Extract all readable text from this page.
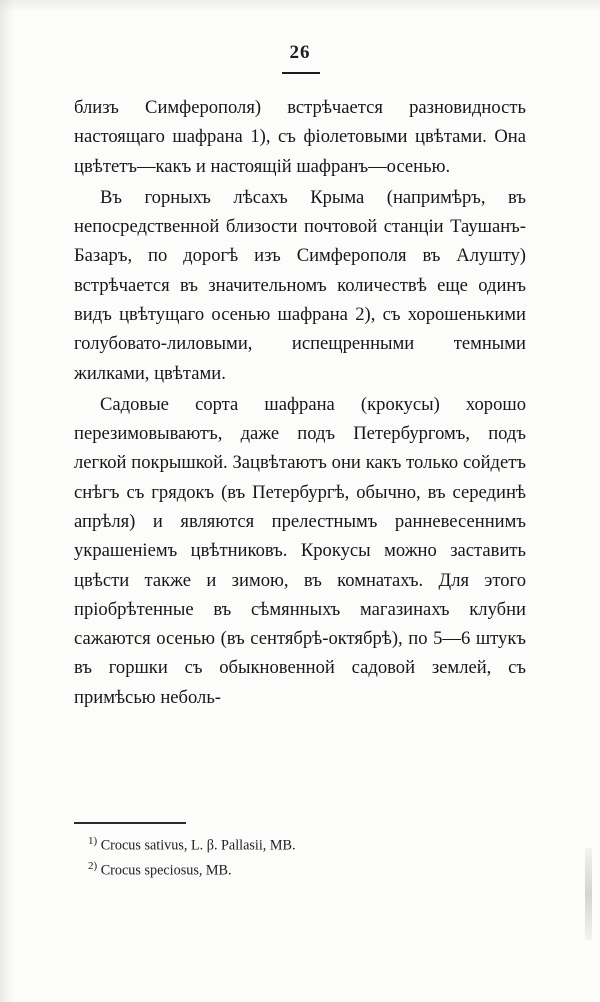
26

близъ Симферополя) встрѣчается разновидность настоящаго шафрана 1), съ фіолетовыми цвѣтами. Она цвѣтетъ—какъ и настоящій шафранъ—осенью.

Въ горныхъ лѣсахъ Крыма (напримѣръ, въ непосредственной близости почтовой станціи Таушанъ-Базаръ, по дорогѣ изъ Симферополя въ Алушту) встрѣчается въ значительномъ количествѣ еще одинъ видъ цвѣтущаго осенью шафрана 2), съ хорошенькими голубовато-лиловыми, испещренными темными жилками, цвѣтами.

Садовые сорта шафрана (крокусы) хорошо перезимовываютъ, даже подъ Петербургомъ, подъ легкой покрышкой. Зацвѣтаютъ они какъ только сойдетъ снѣгъ съ грядокъ (въ Петербургѣ, обычно, въ серединѣ апрѣля) и являются прелестнымъ ранневесеннимъ украшеніемъ цвѣтниковъ. Крокусы можно заставить цвѣсти также и зимою, въ комнатахъ. Для этого пріобрѣтенные въ сѣмянныхъ магазинахъ клубни сажаются осенью (въ сентябрѣ-октябрѣ), по 5—6 штукъ въ горшки съ обыкновенной садовой землей, съ примѣсью неболь-

$^{1)}$ Crocus sativus, L. β. Pallasii, MB.
$^{2)}$ Crocus speciosus, MB.
